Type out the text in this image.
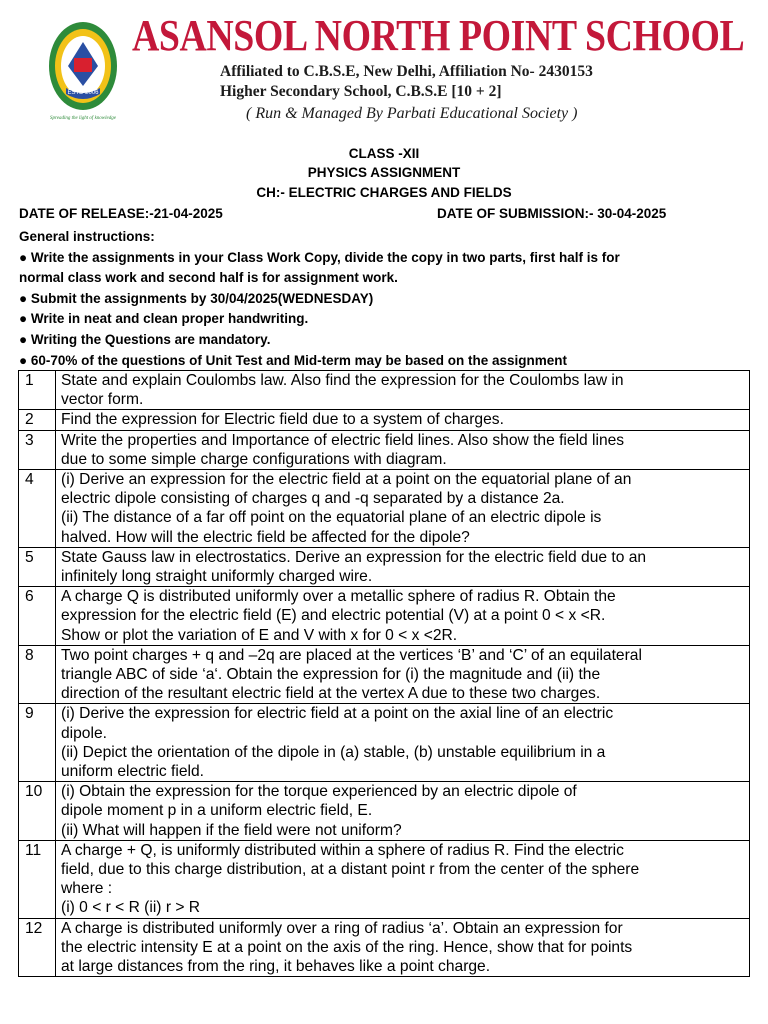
ESTD 2006
Spreading the light of knowledge
ASANSOL NORTH POINT SCHOOL
Affiliated to C.B.S.E, New Delhi, Affiliation No- 2430153
Higher Secondary School, C.B.S.E [10 + 2]
( Run & Managed By Parbati Educational Society )
CLASS -XII
PHYSICS ASSIGNMENT
CH:- ELECTRIC CHARGES AND FIELDS
DATE OF RELEASE:-21-04-2025	DATE OF SUBMISSION:- 30-04-2025
General instructions:
● Write the assignments in your Class Work Copy, divide the copy in two parts, first half is for
normal class work and second half is for assignment work.
● Submit the assignments by 30/04/2025(WEDNESDAY)
● Write in neat and clean proper handwriting.
● Writing the Questions are mandatory.
● 60-70% of the questions of Unit Test and Mid-term may be based on the assignment
1	State and explain Coulombs law. Also find the expression for the Coulombs law in
vector form.

2	Find the expression for Electric field due to a system of charges.

3	Write the properties and Importance of electric field lines. Also show the field lines
due to some simple charge configurations with diagram.

4	(i) Derive an expression for the electric field at a point on the equatorial plane of an
electric dipole consisting of charges q and -q separated by a distance 2a.
(ii) The distance of a far off point on the equatorial plane of an electric dipole is
halved. How will the electric field be affected for the dipole?

5	State Gauss law in electrostatics. Derive an expression for the electric field due to an
infinitely long straight uniformly charged wire.

6	A charge Q is distributed uniformly over a metallic sphere of radius R. Obtain the
expression for the electric field (E) and electric potential (V) at a point 0 < x <R.
Show or plot the variation of E and V with x for 0 < x <2R.

8	Two point charges + q and –2q are placed at the vertices ‘B’ and ‘C’ of an equilateral
triangle ABC of side ‘a‘. Obtain the expression for (i) the magnitude and (ii) the
direction of the resultant electric field at the vertex A due to these two charges.

9	(i) Derive the expression for electric field at a point on the axial line of an electric
dipole.
(ii) Depict the orientation of the dipole in (a) stable, (b) unstable equilibrium in a
uniform electric field.

10	(i) Obtain the expression for the torque experienced by an electric dipole of
dipole moment p in a uniform electric field, E.
(ii) What will happen if the field were not uniform?

11	A charge + Q, is uniformly distributed within a sphere of radius R. Find the electric
field, due to this charge distribution, at a distant point r from the center of the sphere
where :
(i) 0 < r < R (ii) r > R

12	A charge is distributed uniformly over a ring of radius ‘a’. Obtain an expression for
the electric intensity E at a point on the axis of the ring. Hence, show that for points
at large distances from the ring, it behaves like a point charge.
